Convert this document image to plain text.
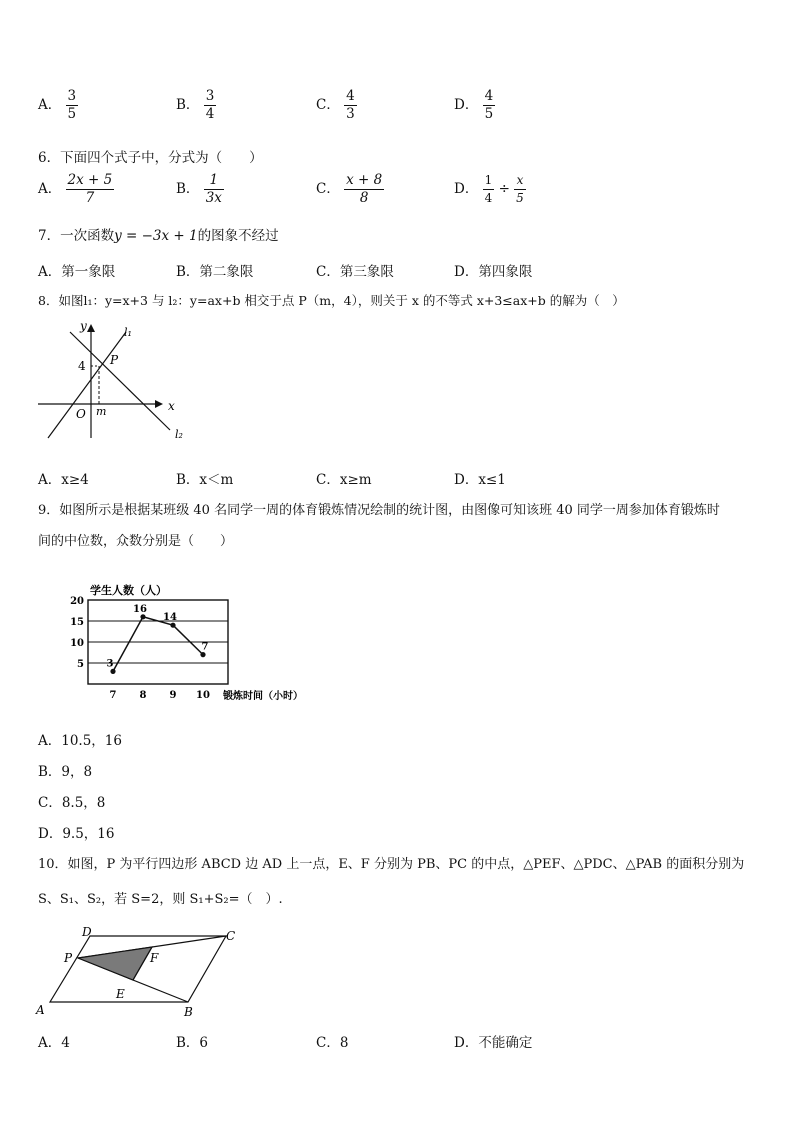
A． $\frac{3}{5}$	B． $\frac{3}{4}$	C． $\frac{4}{3}$	D． $\frac{4}{5}$
6．下面四个式子中，分式为（　　）
A． $\frac{2x + 5}{7}$	B． $\frac{1}{3x}$	C． $\frac{x + 8}{8}$	D． $\frac{1}{4} \div \frac{x}{5}$
7．一次函数y = −3x + 1的图象不经过
A．第一象限	B．第二象限	C．第三象限	D．第四象限
8．如图l₁：y=x+3 与 l₂：y=ax+b 相交于点 P（m，4），则关于 x 的不等式 x+3≤ax+b 的解为（　）
y
x
O m
4 P
l₁
l₂
A．x≥4	B．x＜m	C．x≥m	D．x≤1
9．如图所示是根据某班级 40 名同学一周的体育锻炼情况绘制的统计图，由图像可知该班 40 同学一周参加体育锻炼时
间的中位数，众数分别是（　　）
学生人数（人）
锻炼时间（小时）
5
10
15
20
7 8 9 10
3
16
14
7
A．10.5，16
B．9，8
C．8.5，8
D．9.5，16
10．如图，P 为平行四边形 ABCD 边 AD 上一点，E、F 分别为 PB、PC 的中点，△PEF、△PDC、△PAB 的面积分别为
S、S₁、S₂，若 S=2，则 S₁+S₂=（　）.
A	B
C
D
P
E
F
A．4	B．6	C．8	D．不能确定
